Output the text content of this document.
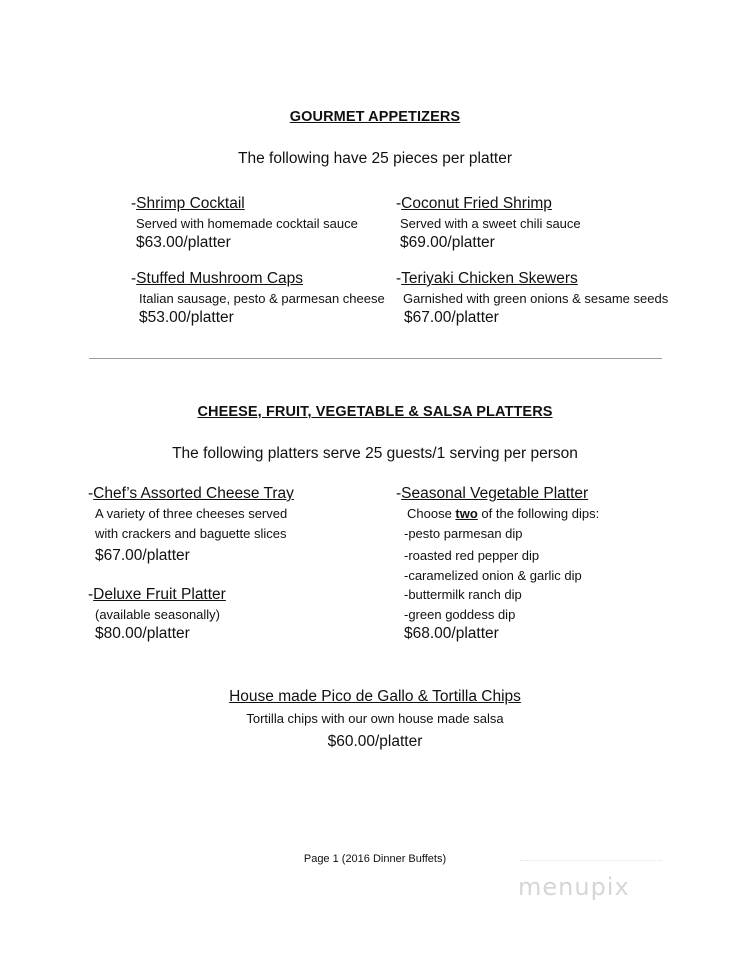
GOURMET APPETIZERS
The following have 25 pieces per platter
-Shrimp Cocktail
Served with homemade cocktail sauce
$63.00/platter
-Coconut Fried Shrimp
Served with a sweet chili sauce
$69.00/platter
-Stuffed Mushroom Caps
Italian sausage, pesto & parmesan cheese
$53.00/platter
-Teriyaki Chicken Skewers
Garnished with green onions & sesame seeds
$67.00/platter
CHEESE, FRUIT, VEGETABLE & SALSA PLATTERS
The following platters serve 25 guests/1 serving per person
-Chef’s Assorted Cheese Tray
A variety of three cheeses served
with crackers and baguette slices
$67.00/platter
-Deluxe Fruit Platter
(available seasonally)
$80.00/platter
-Seasonal Vegetable Platter
Choose two of the following dips:
-pesto parmesan dip
-roasted red pepper dip
-caramelized onion & garlic dip
-buttermilk ranch dip
-green goddess dip
$68.00/platter
House made Pico de Gallo & Tortilla Chips
Tortilla chips with our own house made salsa
$60.00/platter
Page 1 (2016 Dinner Buffets)
menupix
